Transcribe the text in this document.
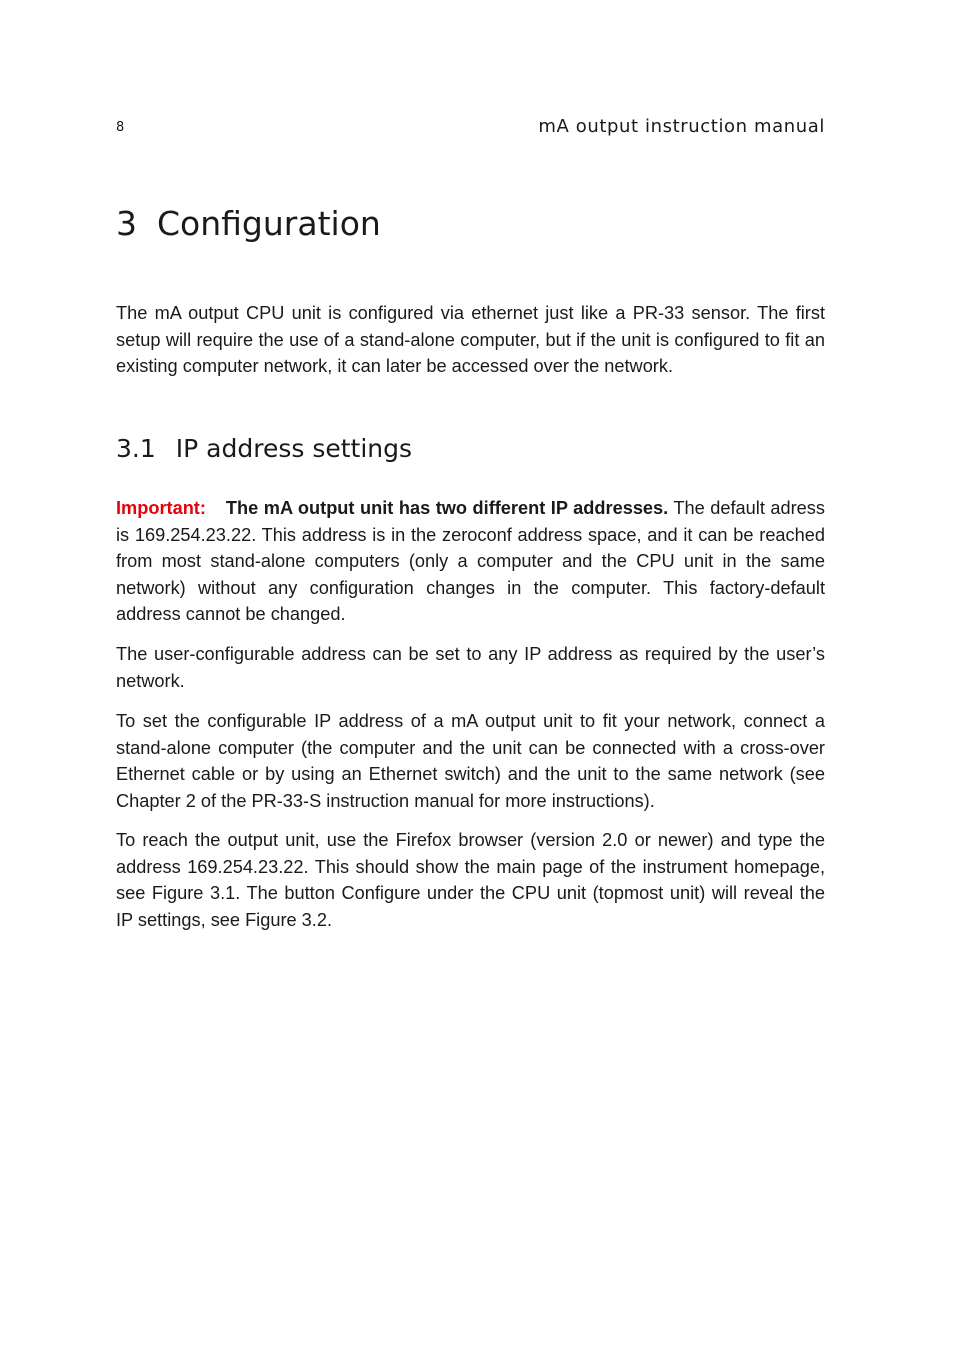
8	mA output instruction manual
3 Configuration

The mA output CPU unit is configured via ethernet just like a PR-33 sensor. The first setup will require the use of a stand-alone computer, but if the unit is configured to fit an existing computer network, it can later be accessed over the network.

3.1 IP address settings

Important: The mA output unit has two different IP addresses. The default adress is 169.254.23.22. This address is in the zeroconf address space, and it can be reached from most stand-alone computers (only a computer and the CPU unit in the same network) without any configuration changes in the computer. This factory-default address cannot be changed.

The user-configurable address can be set to any IP address as required by the user’s network.

To set the configurable IP address of a mA output unit to fit your network, connect a stand-alone computer (the computer and the unit can be connected with a cross-over Ethernet cable or by using an Ethernet switch) and the unit to the same network (see Chapter 2 of the PR-33-S instruction manual for more instructions).

To reach the output unit, use the Firefox browser (version 2.0 or newer) and type the address 169.254.23.22. This should show the main page of the instrument homepage, see Figure 3.1. The button Configure under the CPU unit (topmost unit) will reveal the IP settings, see Figure 3.2.
